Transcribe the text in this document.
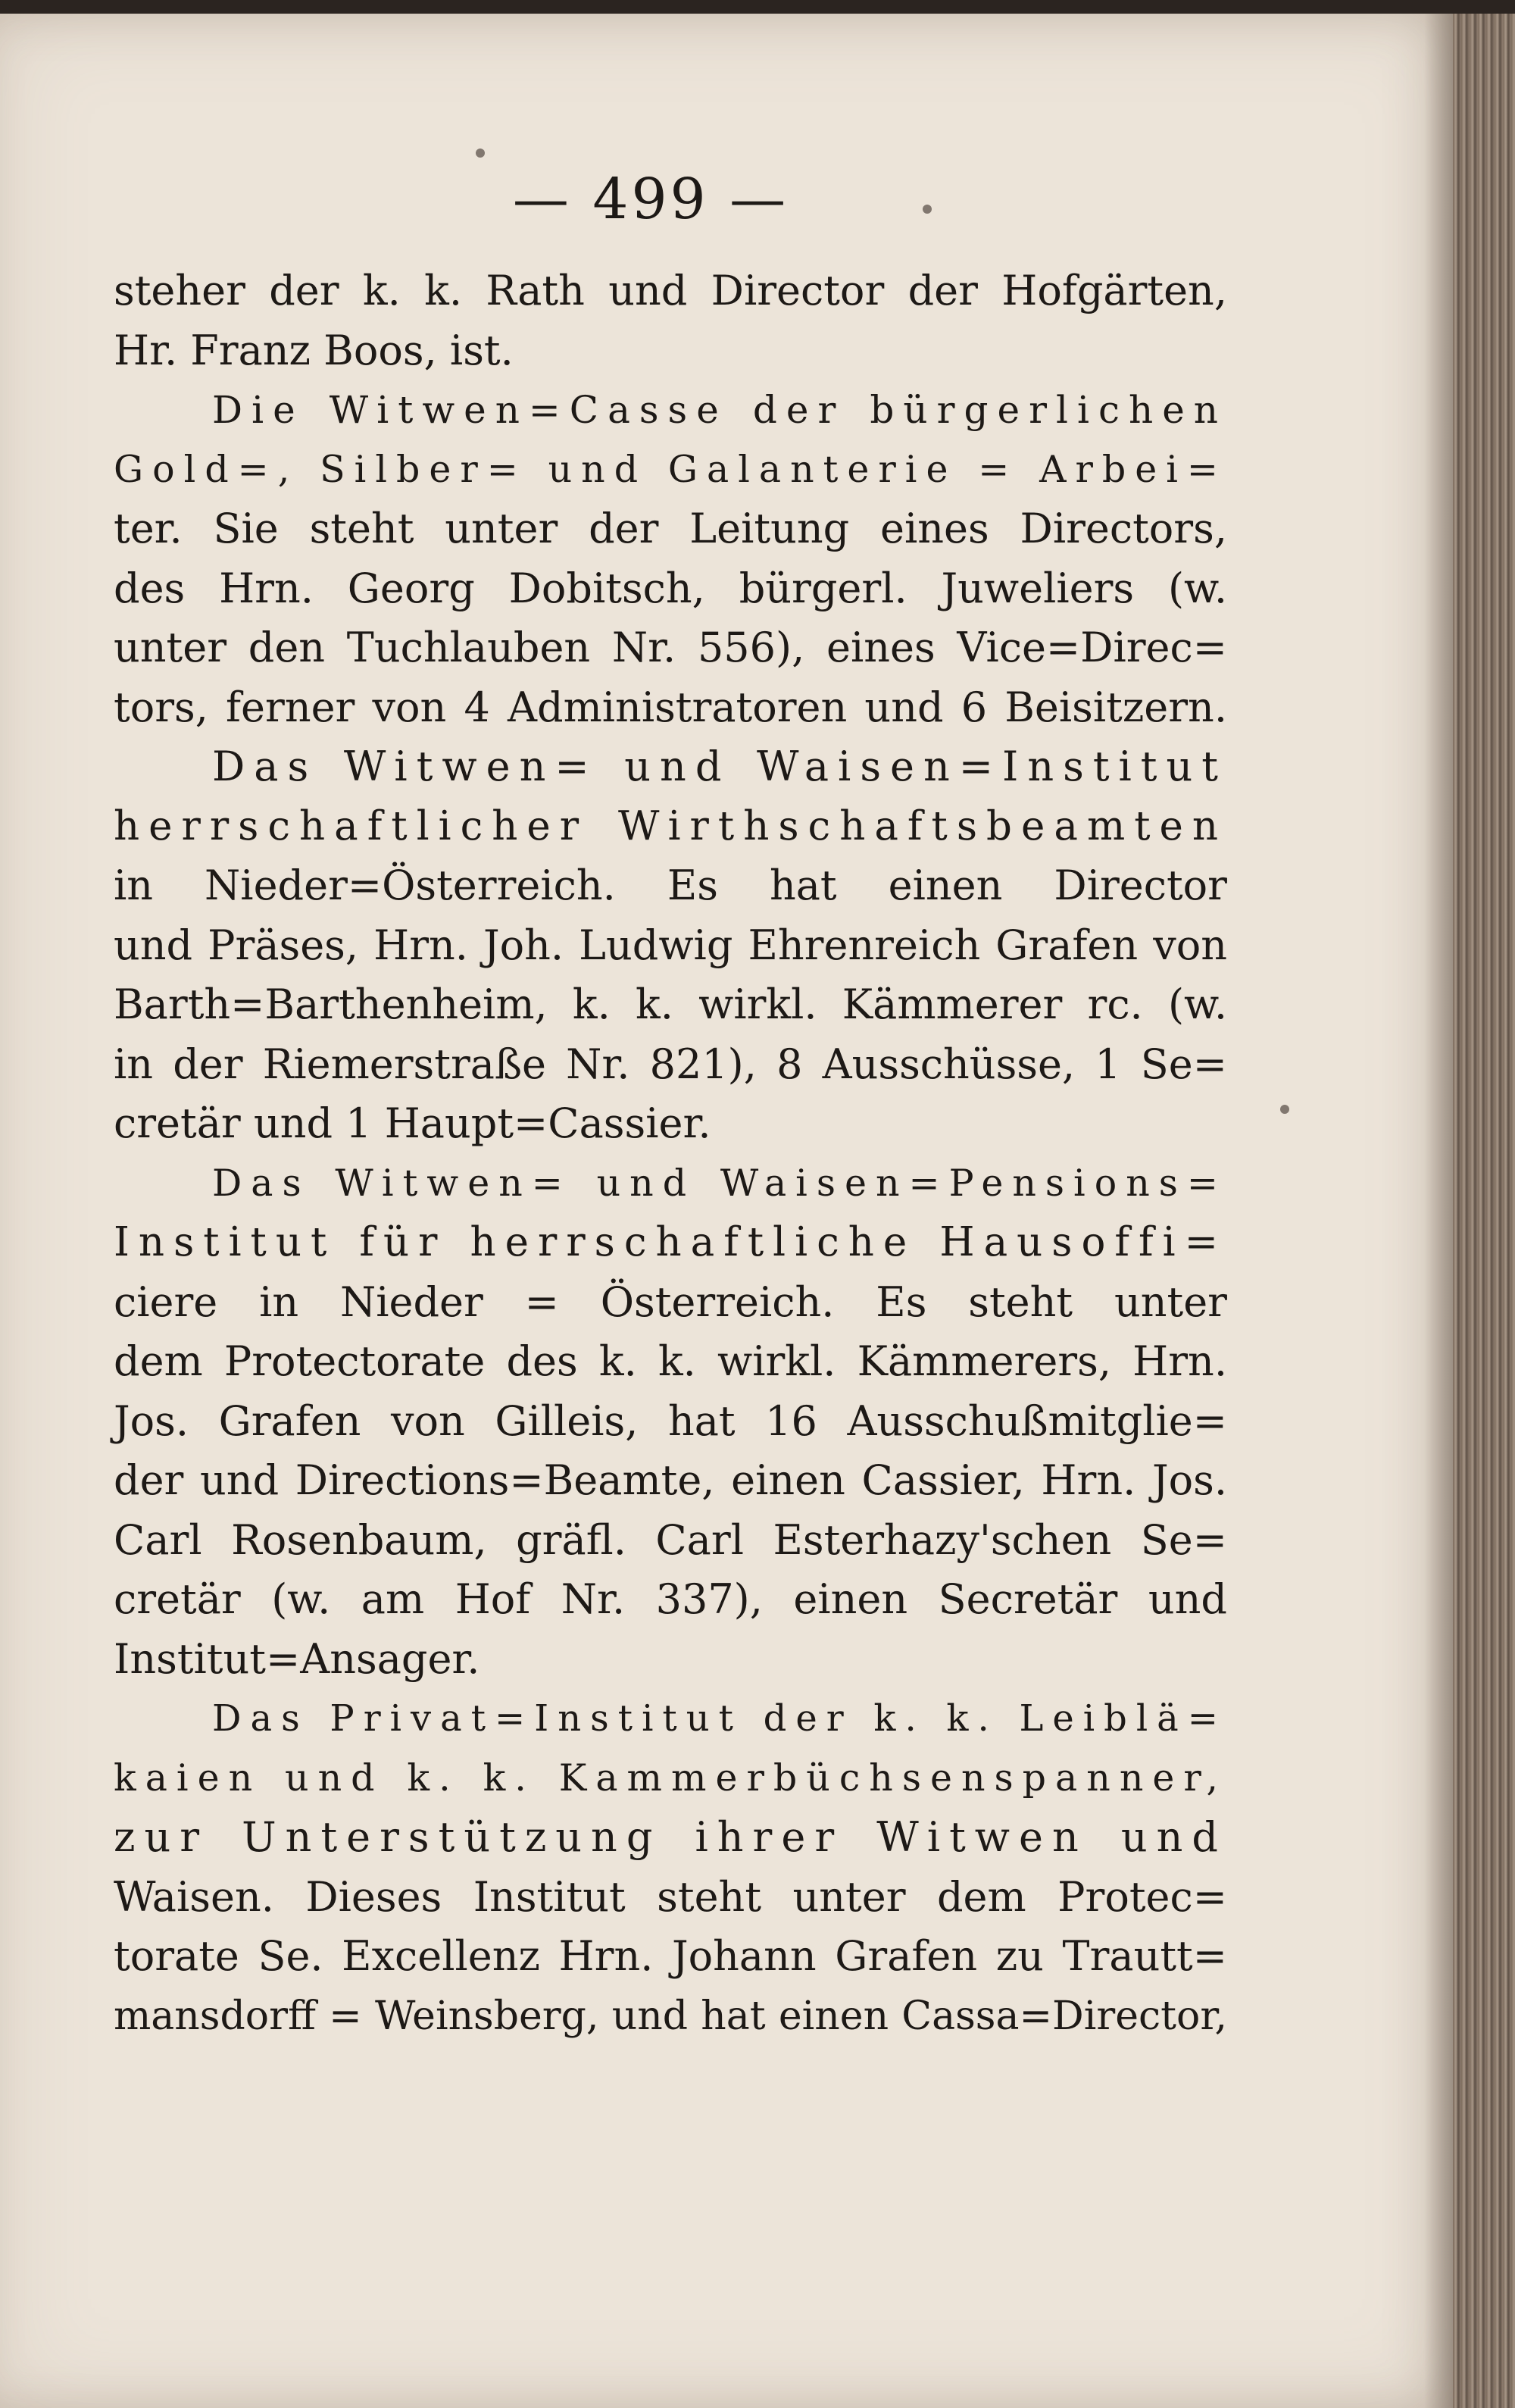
— 499 —
steher der k. k. Rath und Director der Hofgärten,
Hr. Franz Boos, ist.
Die Witwen=Casse der bürgerlichen
Gold=, Silber= und Galanterie = Arbei=
ter. Sie steht unter der Leitung eines Directors,
des Hrn. Georg Dobitsch, bürgerl. Juweliers (w.
unter den Tuchlauben Nr. 556), eines Vice=Direc=
tors, ferner von 4 Administratoren und 6 Beisitzern.
Das Witwen= und Waisen=Institut
herrschaftlicher Wirthschaftsbeamten
in Nieder=Österreich. Es hat einen Director
und Präses, Hrn. Joh. Ludwig Ehrenreich Grafen von
Barth=Barthenheim, k. k. wirkl. Kämmerer rc. (w.
in der Riemerstraße Nr. 821), 8 Ausschüsse, 1 Se=
cretär und 1 Haupt=Cassier.
Das Witwen= und Waisen=Pensions=
Institut für herrschaftliche Hausoffi=
ciere in Nieder = Österreich. Es steht unter
dem Protectorate des k. k. wirkl. Kämmerers, Hrn.
Jos. Grafen von Gilleis, hat 16 Ausschußmitglie=
der und Directions=Beamte, einen Cassier, Hrn. Jos.
Carl Rosenbaum, gräfl. Carl Esterhazy'schen Se=
cretär (w. am Hof Nr. 337), einen Secretär und
Institut=Ansager.
Das Privat=Institut der k. k. Leiblä=
kaien und k. k. Kammerbüchsenspanner,
zur Unterstützung ihrer Witwen und
Waisen. Dieses Institut steht unter dem Protec=
torate Se. Excellenz Hrn. Johann Grafen zu Trautt=
mansdorff = Weinsberg, und hat einen Cassa=Director,
